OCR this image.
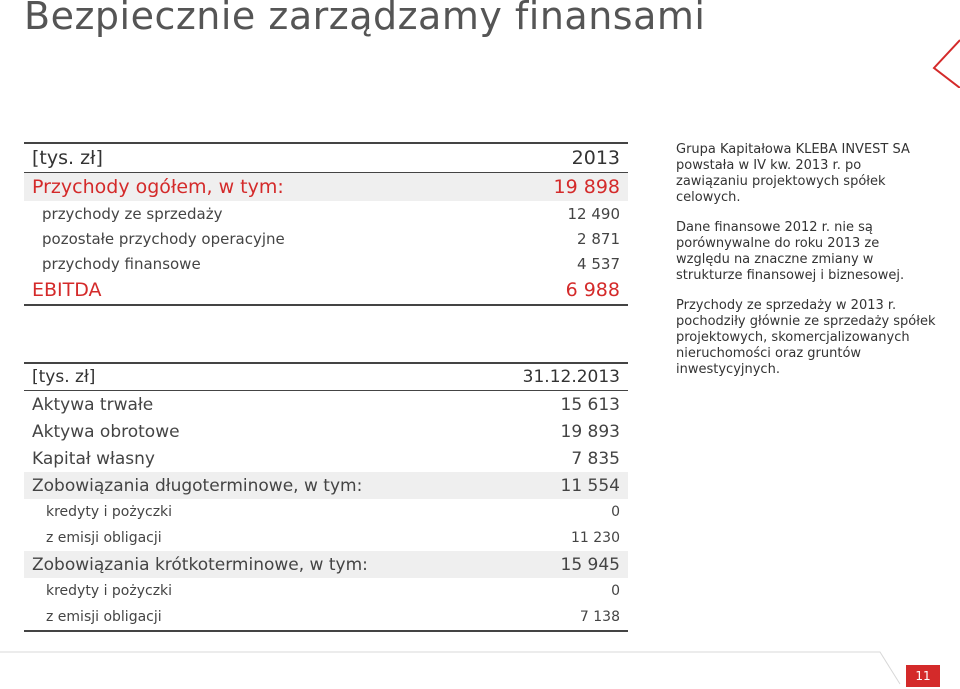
Bezpiecznie zarządzamy finansami
[tys. zł]	2013
Przychody ogółem, w tym:	19 898
przychody ze sprzedaży	12 490
pozostałe przychody operacyjne	2 871
przychody finansowe	4 537
EBITDA	6 988
[tys. zł]	31.12.2013
Aktywa trwałe	15 613
Aktywa obrotowe	19 893
Kapitał własny	7 835
Zobowiązania długoterminowe, w tym:	11 554
kredyty i pożyczki	0
z emisji obligacji	11 230
Zobowiązania krótkoterminowe, w tym:	15 945
kredyty i pożyczki	0
z emisji obligacji	7 138

Grupa Kapitałowa KLEBA INVEST SA powstała w IV kw. 2013 r. po zawiązaniu projektowych spółek celowych.

Dane finansowe 2012 r. nie są porównywalne do roku 2013 ze względu na znaczne zmiany w strukturze finansowej i biznesowej.

Przychody ze sprzedaży w 2013 r. pochodziły głównie ze sprzedaży spółek projektowych, skomercjalizowanych nieruchomości oraz gruntów inwestycyjnych.

11
